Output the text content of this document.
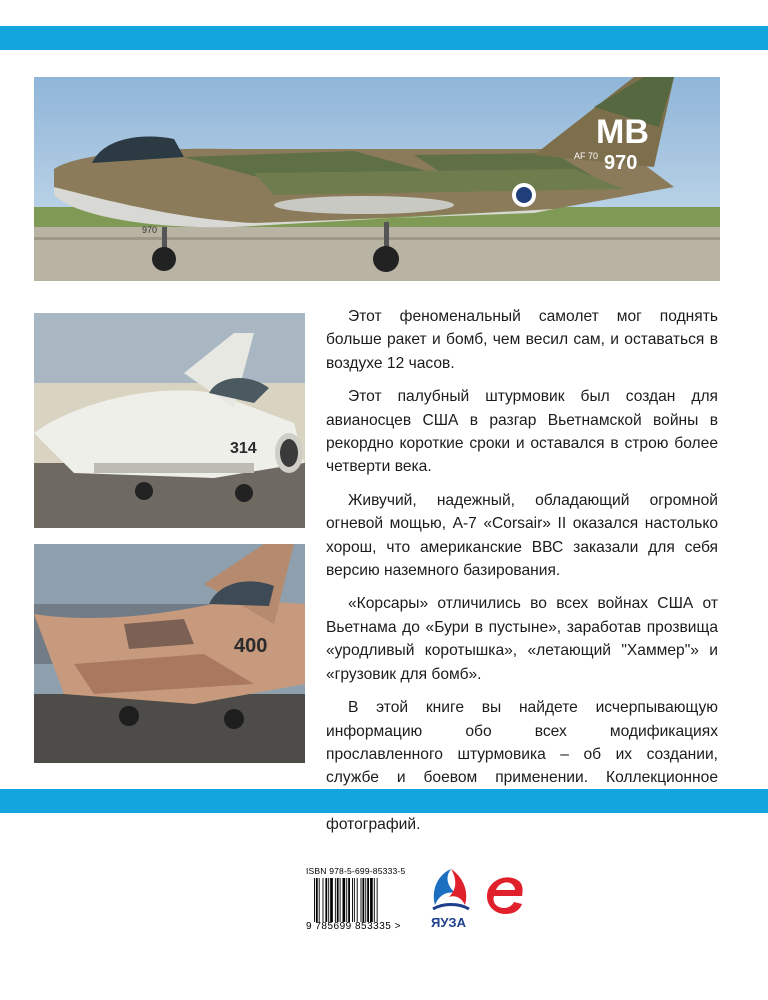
MB
AF 70 970
970
314
400

Этот феноменальный самолет мог поднять больше ракет и бомб, чем весил сам, и оставаться в воздухе 12 часов.

Этот палубный штурмовик был создан для авианосцев США в разгар Вьетнамской войны в рекордно короткие сроки и оставался в строю более четверти века.

Живучий, надежный, обладающий огромной огневой мощью, А-7 «Corsair» II оказался настолько хорош, что американские ВВС заказали для себя версию наземного базирования.

«Корсары» отличились во всех войнах США от Вьетнама до «Бури в пустыне», заработав прозвища «уродливый коротышка», «летающий "Хаммер"» и «грузовик для бомб».

В этой книге вы найдете исчерпывающую информацию обо всех модификациях прославленного штурмовика – об их создании, службе и боевом применении. Коллекционное фотографий.

ISBN 978-5-699-85333-5
9 785699 853335 > ЯУЗА
